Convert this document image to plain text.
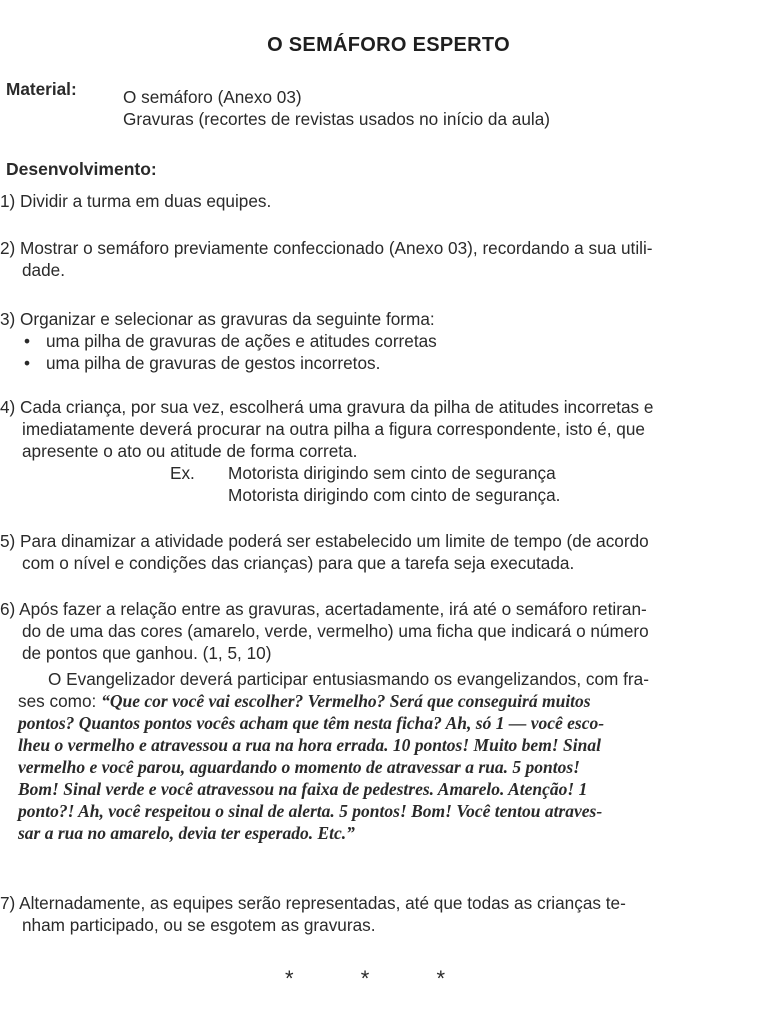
O SEMÁFORO ESPERTO
Material:	O semáforo (Anexo 03)
Gravuras (recortes de revistas usados no início da aula)
Desenvolvimento:
1) Dividir a turma em duas equipes.
2) Mostrar o semáforo previamente confeccionado (Anexo 03), recordando a sua utili-
dade.
3) Organizar e selecionar as gravuras da seguinte forma:
• uma pilha de gravuras de ações e atitudes corretas
• uma pilha de gravuras de gestos incorretos.
4) Cada criança, por sua vez, escolherá uma gravura da pilha de atitudes incorretas e
imediatamente deverá procurar na outra pilha a figura correspondente, isto é, que
apresente o ato ou atitude de forma correta.
Ex. Motorista dirigindo sem cinto de segurança
Motorista dirigindo com cinto de segurança.
5) Para dinamizar a atividade poderá ser estabelecido um limite de tempo (de acordo
com o nível e condições das crianças) para que a tarefa seja executada.
6) Após fazer a relação entre as gravuras, acertadamente, irá até o semáforo retiran-
do de uma das cores (amarelo, verde, vermelho) uma ficha que indicará o número
de pontos que ganhou. (1, 5, 10)
O Evangelizador deverá participar entusiasmando os evangelizandos, com fra-
ses como: “Que cor você vai escolher? Vermelho? Será que conseguirá muitos
pontos? Quantos pontos vocês acham que têm nesta ficha? Ah, só 1 — você esco-
lheu o vermelho e atravessou a rua na hora errada. 10 pontos! Muito bem! Sinal
vermelho e você parou, aguardando o momento de atravessar a rua. 5 pontos!
Bom! Sinal verde e você atravessou na faixa de pedestres. Amarelo. Atenção! 1
ponto?! Ah, você respeitou o sinal de alerta. 5 pontos! Bom! Você tentou atraves-
sar a rua no amarelo, devia ter esperado. Etc.”
7) Alternadamente, as equipes serão representadas, até que todas as crianças te-
nham participado, ou se esgotem as gravuras.
*	*	*
